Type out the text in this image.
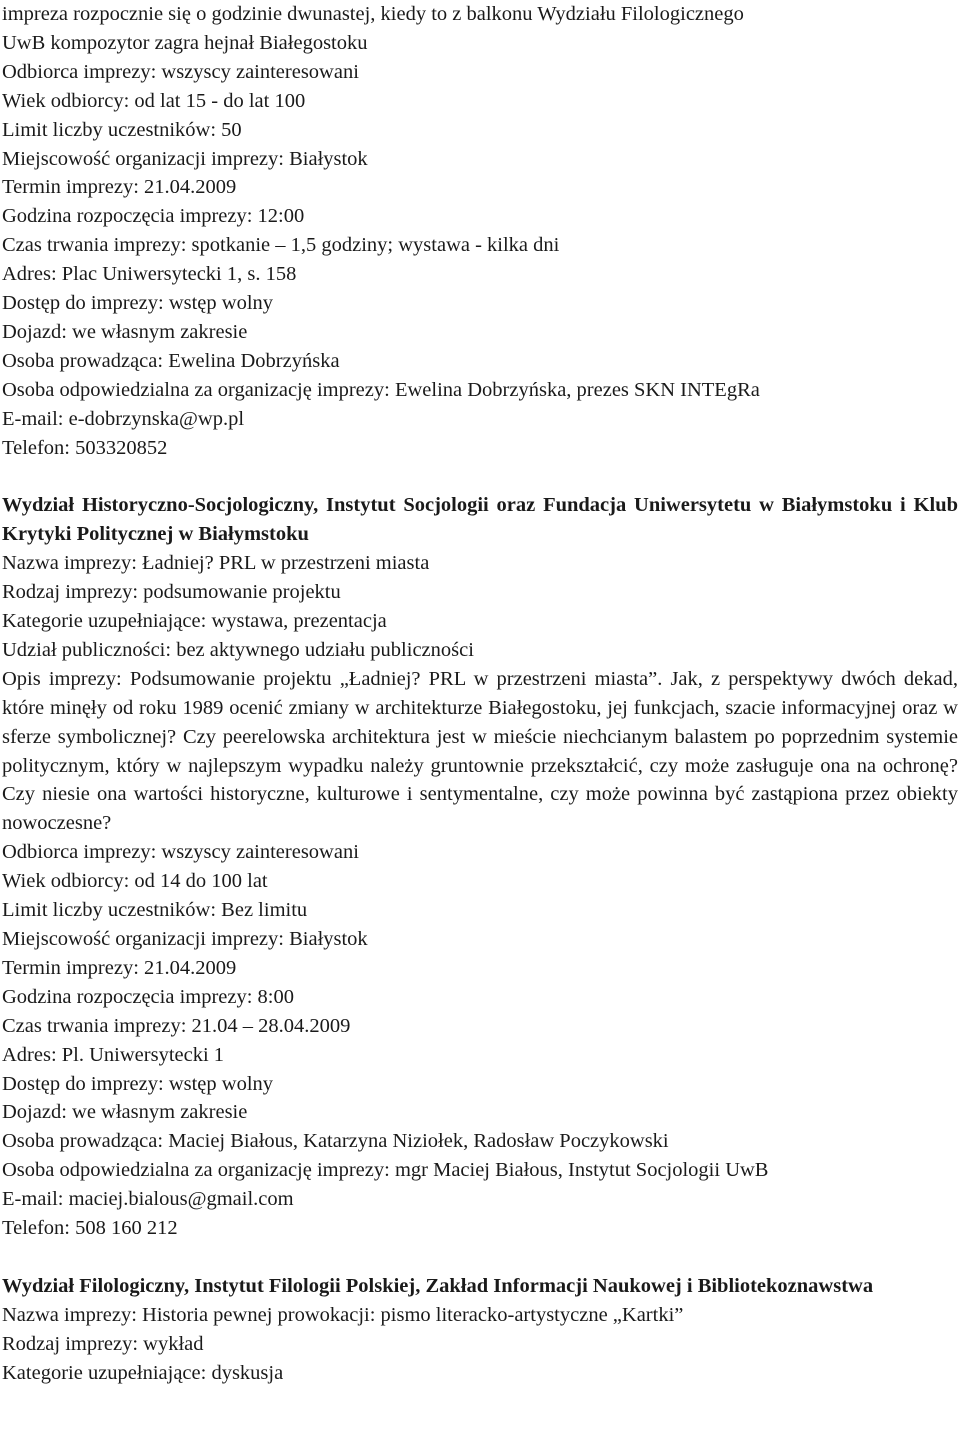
impreza rozpocznie się o godzinie dwunastej, kiedy to z balkonu Wydziału Filologicznego
UwB kompozytor zagra hejnał Białegostoku
Odbiorca imprezy: wszyscy zainteresowani
Wiek odbiorcy: od lat 15 - do lat 100
Limit liczby uczestników: 50
Miejscowość organizacji imprezy: Białystok
Termin imprezy: 21.04.2009
Godzina rozpoczęcia imprezy: 12:00
Czas trwania imprezy: spotkanie – 1,5 godziny; wystawa - kilka dni
Adres: Plac Uniwersytecki 1, s. 158
Dostęp do imprezy: wstęp wolny
Dojazd: we własnym zakresie
Osoba prowadząca: Ewelina Dobrzyńska
Osoba odpowiedzialna za organizację imprezy: Ewelina Dobrzyńska, prezes SKN INTEgRa
E-mail: e-dobrzynska@wp.pl
Telefon: 503320852
Wydział Historyczno-Socjologiczny, Instytut Socjologii oraz Fundacja Uniwersytetu w Białymstoku i Klub Krytyki Politycznej w Białymstoku
Nazwa imprezy: Ładniej? PRL w przestrzeni miasta
Rodzaj imprezy: podsumowanie projektu
Kategorie uzupełniające: wystawa, prezentacja
Udział publiczności: bez aktywnego udziału publiczności
Opis imprezy: Podsumowanie projektu „Ładniej? PRL w przestrzeni miasta”. Jak, z perspektywy dwóch dekad, które minęły od roku 1989 ocenić zmiany w architekturze Białegostoku, jej funkcjach, szacie informacyjnej oraz w sferze symbolicznej? Czy peerelowska architektura jest w mieście niechcianym balastem po poprzednim systemie politycznym, który w najlepszym wypadku należy gruntownie przekształcić, czy może zasługuje ona na ochronę? Czy niesie ona wartości historyczne, kulturowe i sentymentalne, czy może powinna być zastąpiona przez obiekty nowoczesne?
Odbiorca imprezy: wszyscy zainteresowani
Wiek odbiorcy: od 14 do 100 lat
Limit liczby uczestników: Bez limitu
Miejscowość organizacji imprezy: Białystok
Termin imprezy: 21.04.2009
Godzina rozpoczęcia imprezy: 8:00
Czas trwania imprezy: 21.04 – 28.04.2009
Adres: Pl. Uniwersytecki 1
Dostęp do imprezy: wstęp wolny
Dojazd: we własnym zakresie
Osoba prowadząca: Maciej Białous, Katarzyna Niziołek, Radosław Poczykowski
Osoba odpowiedzialna za organizację imprezy: mgr Maciej Białous, Instytut Socjologii UwB
E-mail: maciej.bialous@gmail.com
Telefon: 508 160 212
Wydział Filologiczny, Instytut Filologii Polskiej, Zakład Informacji Naukowej i Bibliotekoznawstwa
Nazwa imprezy: Historia pewnej prowokacji: pismo literacko-artystyczne „Kartki”
Rodzaj imprezy: wykład
Kategorie uzupełniające: dyskusja
